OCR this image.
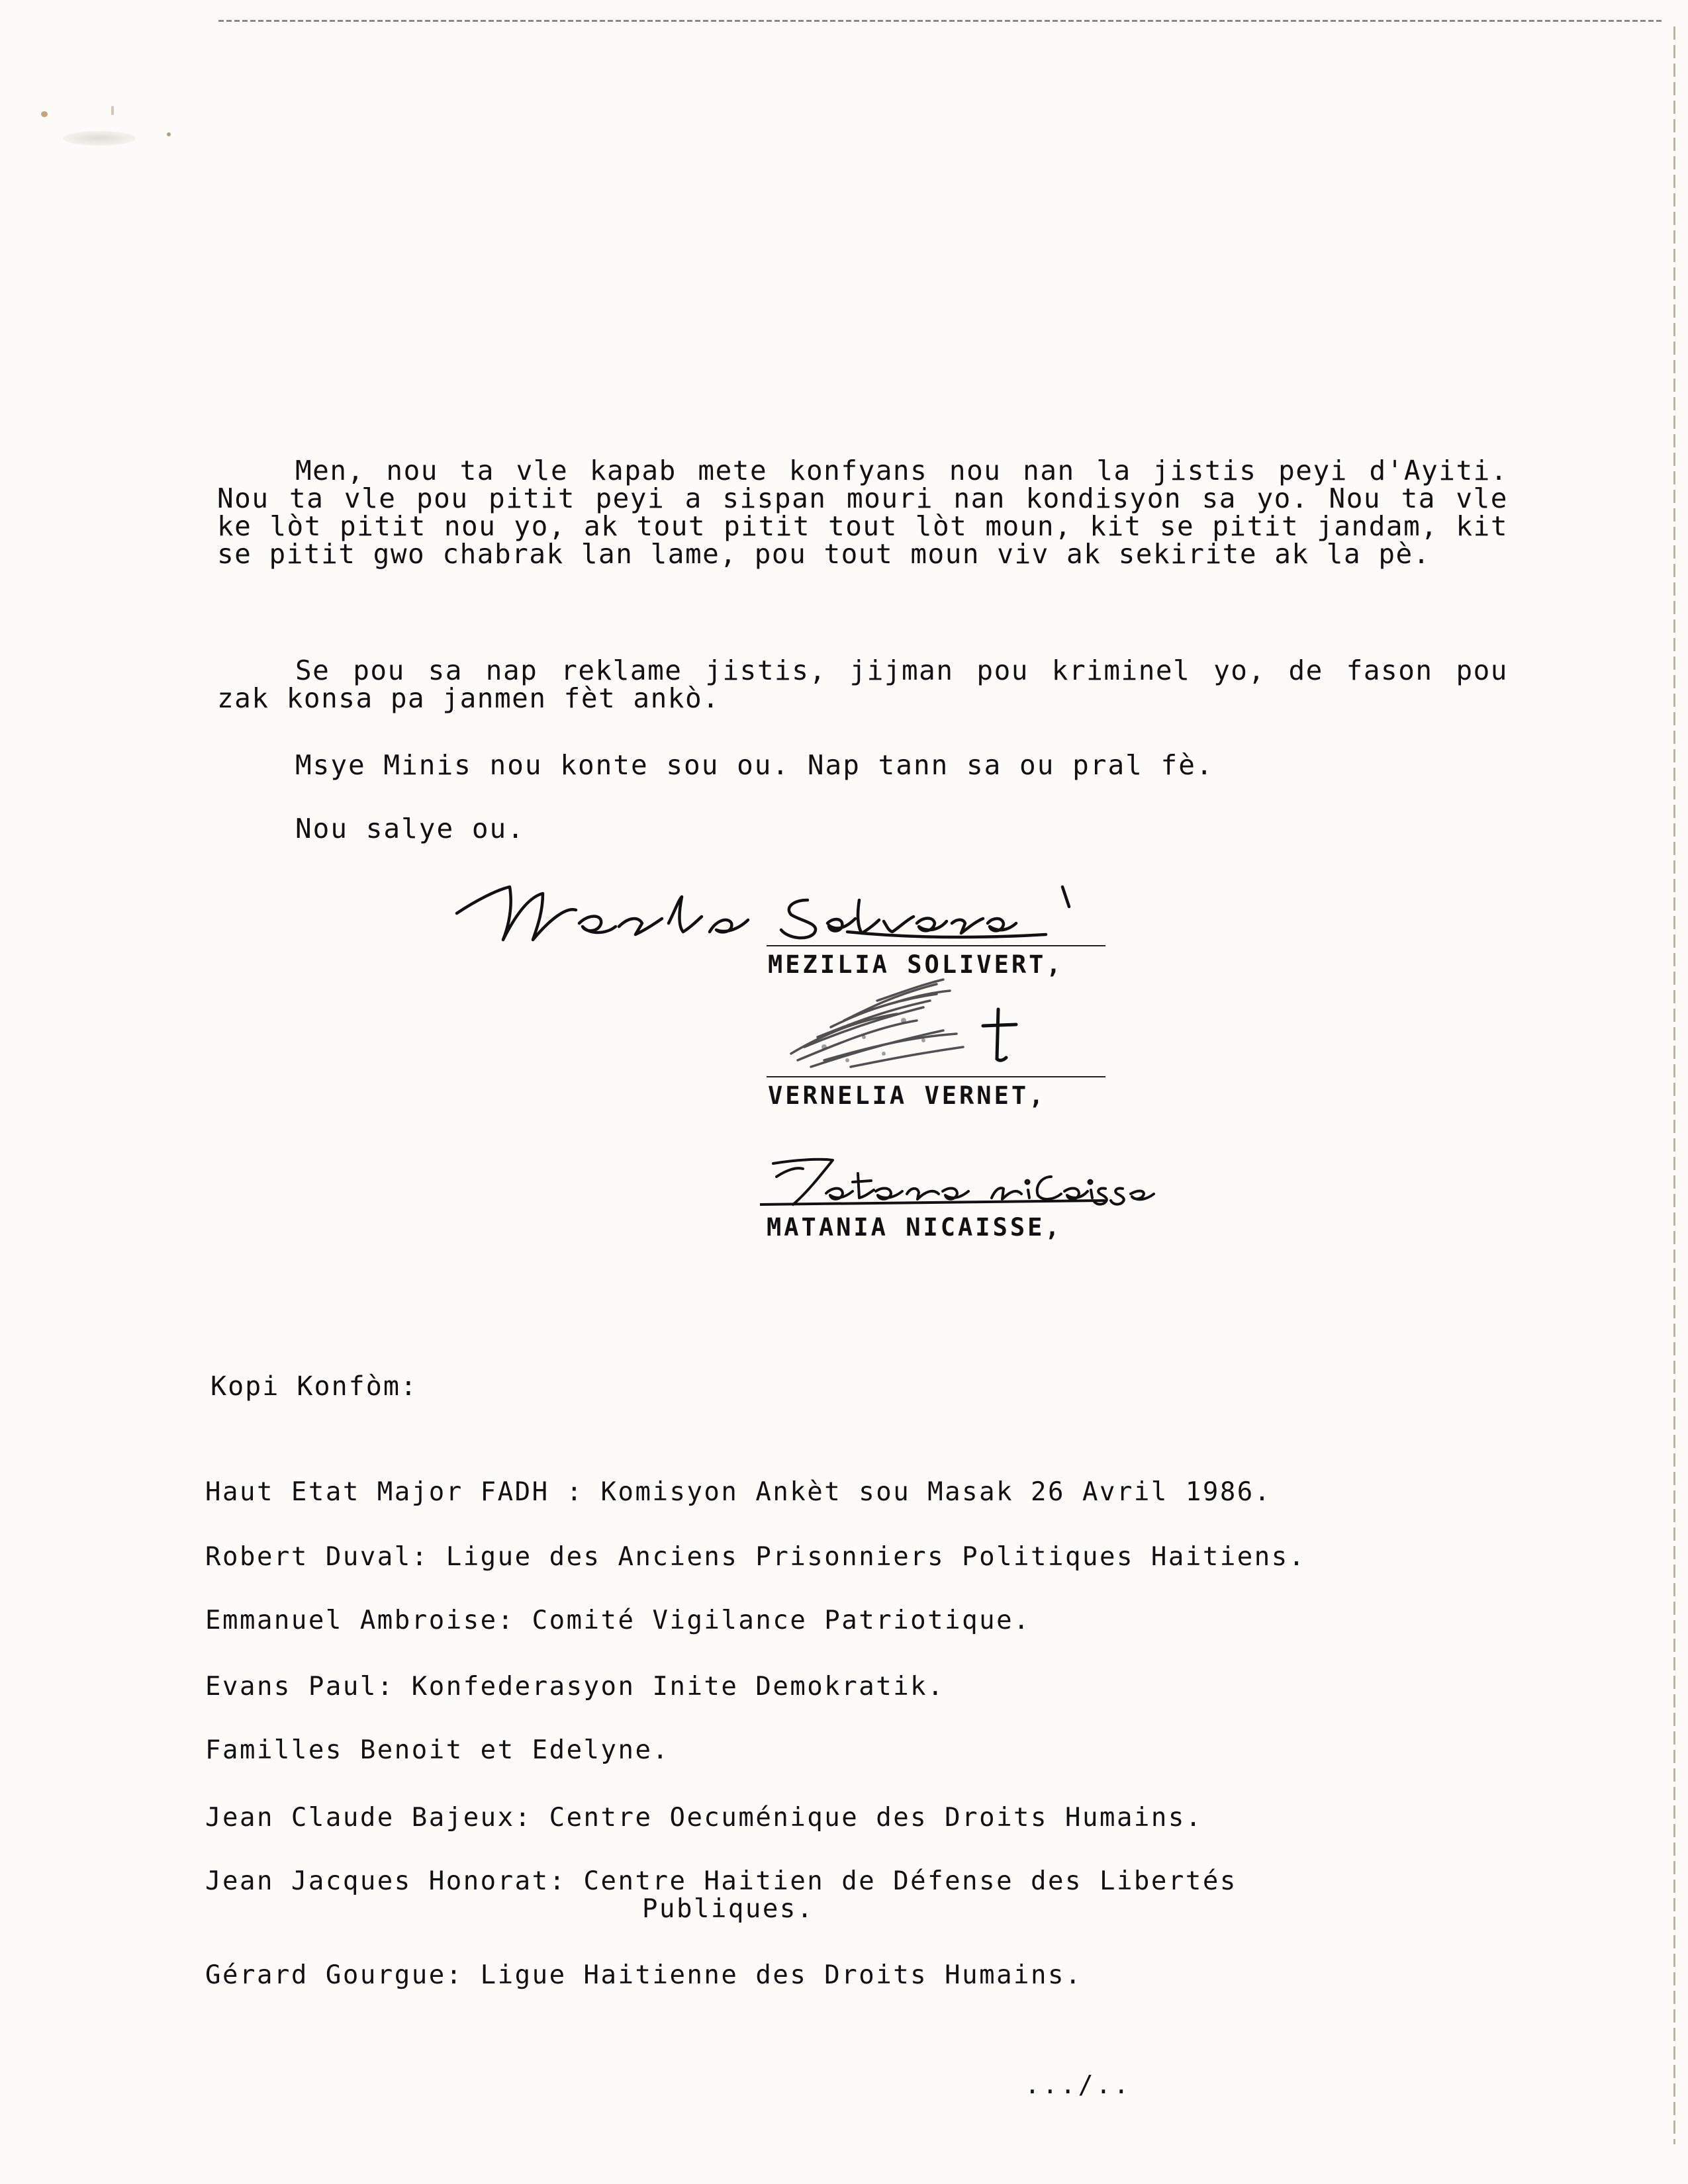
Men, nou ta vle kapab mete konfyans nou nan la jistis peyi d'Ayiti. Nou ta vle pou pitit peyi a sispan mouri nan kondisyon sa yo. Nou ta vle ke lòt pitit nou yo, ak tout pitit tout lòt moun, kit se pitit jandam, kit se pitit gwo chabrak lan lame, pou tout moun viv ak sekirite ak la pè.

Se pou sa nap reklame jistis, jijman pou kriminel yo, de fason pou zak konsa pa janmen fèt ankò.

Msye Minis nou konte sou ou. Nap tann sa ou pral fè.

Nou salye ou.

MEZILIA SOLIVERT,
VERNELIA VERNET,
MATANIA NICAISSE,

Kopi Konfòm:

Haut Etat Major FADH : Komisyon Ankèt sou Masak 26 Avril 1986.

Robert Duval: Ligue des Anciens Prisonniers Politiques Haitiens.

Emmanuel Ambroise: Comité Vigilance Patriotique.

Evans Paul: Konfederasyon Inite Demokratik.

Familles Benoit et Edelyne.

Jean Claude Bajeux: Centre Oecuménique des Droits Humains.

Jean Jacques Honorat: Centre Haitien de Défense des Libertés

Publiques.

Gérard Gourgue: Ligue Haitienne des Droits Humains.

.../..
